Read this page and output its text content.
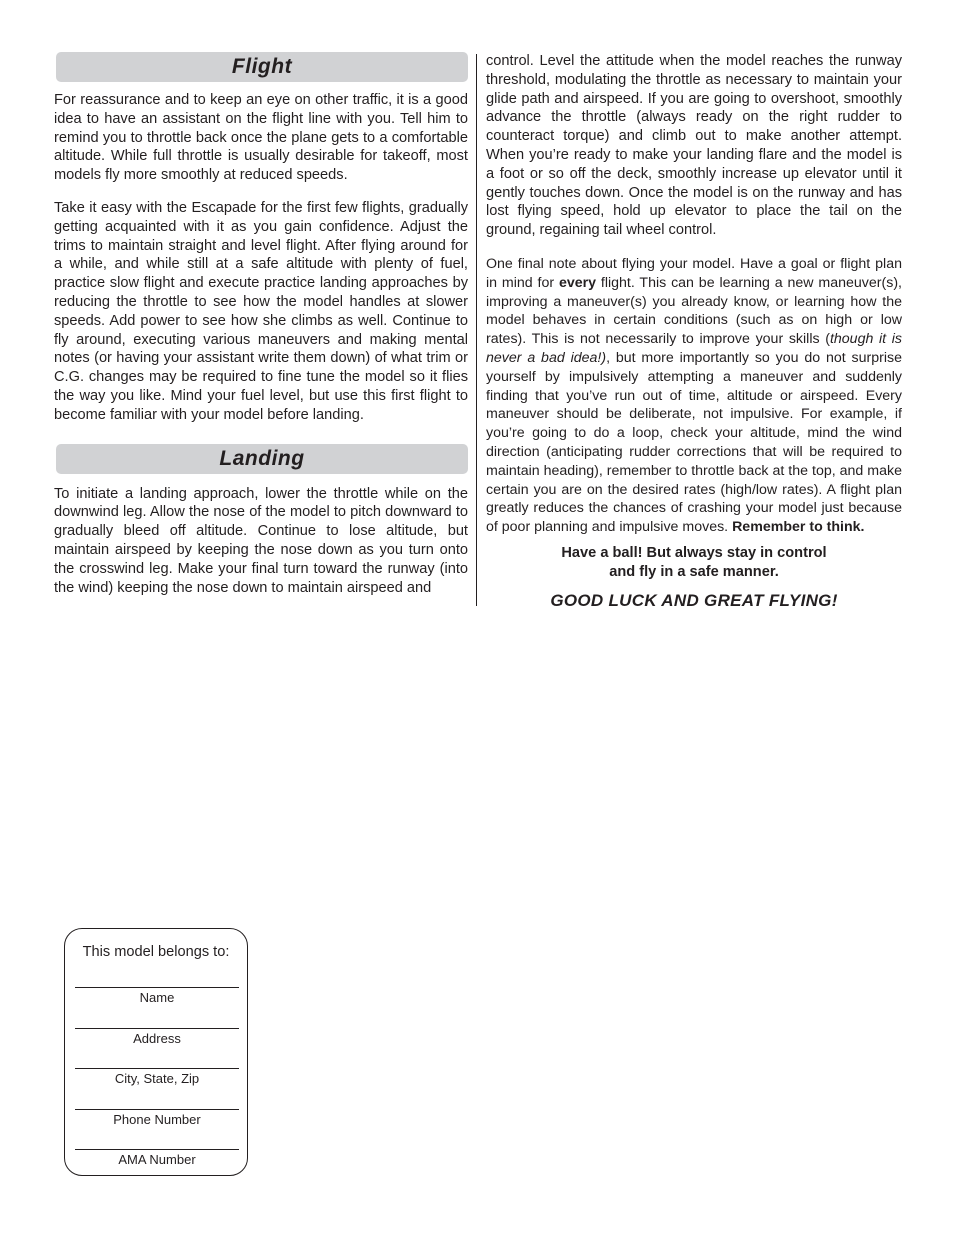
Flight

For reassurance and to keep an eye on other traffic, it is a good idea to have an assistant on the flight line with you. Tell him to remind you to throttle back once the plane gets to a comfortable altitude. While full throttle is usually desirable for takeoff, most models fly more smoothly at reduced speeds.

Take it easy with the Escapade for the first few flights, gradually getting acquainted with it as you gain confidence. Adjust the trims to maintain straight and level flight. After flying around for a while, and while still at a safe altitude with plenty of fuel, practice slow flight and execute practice landing approaches by reducing the throttle to see how the model handles at slower speeds. Add power to see how she climbs as well. Continue to fly around, executing various maneuvers and making mental notes (or having your assistant write them down) of what trim or C.G. changes may be required to fine tune the model so it flies the way you like. Mind your fuel level, but use this first flight to become familiar with your model before landing.

Landing

To initiate a landing approach, lower the throttle while on the downwind leg. Allow the nose of the model to pitch downward to gradually bleed off altitude. Continue to lose altitude, but maintain airspeed by keeping the nose down as you turn onto the crosswind leg. Make your final turn toward the runway (into the wind) keeping the nose down to maintain airspeed and

control. Level the attitude when the model reaches the runway threshold, modulating the throttle as necessary to maintain your glide path and airspeed. If you are going to overshoot, smoothly advance the throttle (always ready on the right rudder to counteract torque) and climb out to make another attempt. When you’re ready to make your landing flare and the model is a foot or so off the deck, smoothly increase up elevator until it gently touches down. Once the model is on the runway and has lost flying speed, hold up elevator to place the tail on the ground, regaining tail wheel control.

One final note about flying your model. Have a goal or flight plan in mind for every flight. This can be learning a new maneuver(s), improving a maneuver(s) you already know, or learning how the model behaves in certain conditions (such as on high or low rates). This is not necessarily to improve your skills (though it is never a bad idea!), but more importantly so you do not surprise yourself by impulsively attempting a maneuver and suddenly finding that you’ve run out of time, altitude or airspeed. Every maneuver should be deliberate, not impulsive. For example, if you’re going to do a loop, check your altitude, mind the wind direction (anticipating rudder corrections that will be required to maintain heading), remember to throttle back at the top, and make certain you are on the desired rates (high/low rates). A flight plan greatly reduces the chances of crashing your model just because of poor planning and impulsive moves. Remember to think.

Have a ball! But always stay in control
and fly in a safe manner.
GOOD LUCK AND GREAT FLYING!
This model belongs to:
Name
Address
City, State, Zip
Phone Number
AMA Number
